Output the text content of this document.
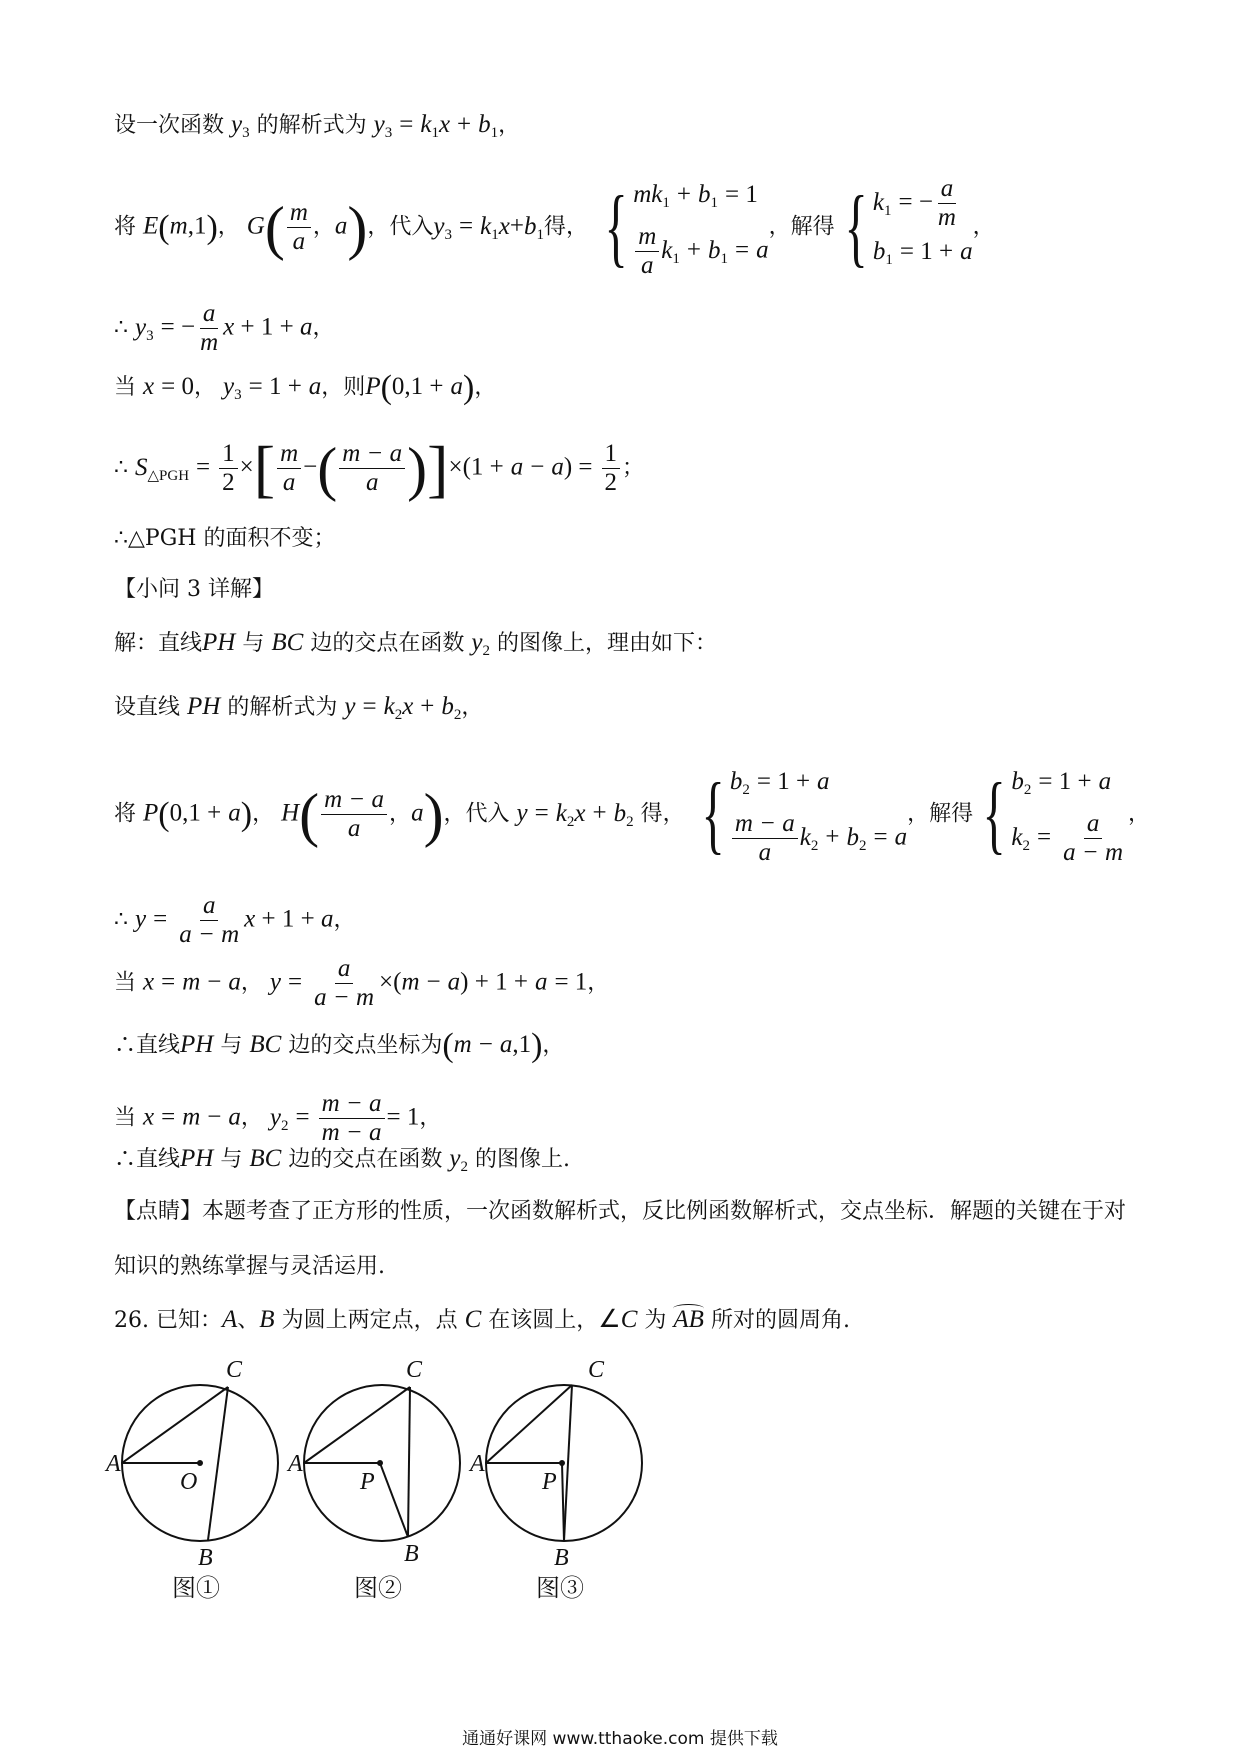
设一次函数 $y_3$ 的解析式为 $y_3 = k_1x + b_1$，
将 E(m,1)， $G( \frac{m}{a}$ ，a)，代入$y_3 = k_1x+b_1$得， { $mk_1 + b_1 = 1$
$\frac{m}{a} k_1 + b_1 = a$
，解得 { $k_1$ = − $\frac{a}{m}$
$b_1 = 1 + a$
，
∴ $y_3$ = − $\frac{a}{m}$ x + 1 + a，
当 x = 0， $y_3 = 1 + a$，则P(0,1 + a)，
∴ $S_{\triangle PGH} = \frac{1}{2}$ ×[ $\frac{m}{a}$ −( $\frac{m - a}{a} )]\times(1 + a - a) = \frac{1}{2}$ ；
∴△PGH 的面积不变；
【小问 3 详解】
解：直线PH 与 BC 边的交点在函数 $y_2$ 的图像上，理由如下：
设直线 PH 的解析式为 $y = k_2x + b_2$，
将 P(0,1 + a)， $H( \frac{m - a}{a}$ ，a)，代入 $y = k_2x + b_2$ 得， { $b_2 = 1 + a$
$\frac{m - a}{a} k_2 + b_2 = a$
，解得 { $b_2 = 1 + a$
$k_2 = \frac{a}{a - m}$ ，
∴ $y = \frac{a}{a - m}$ x + 1 + a，
当 x = m − a， $y = \frac{a}{a - m} \times(m - a) + 1 + a = 1$，
∴直线PH 与 BC 边的交点坐标为(m − a,1)，
当 x = m − a， $y_2 = \frac{m - a}{m - a} = 1$，
∴直线PH 与 BC 边的交点在函数 $y_2$ 的图像上.
【点睛】本题考查了正方形的性质，一次函数解析式，反比例函数解析式，交点坐标．解题的关键在于对
知识的熟练掌握与灵活运用.
26. 已知：A、B 为圆上两定点，点 C 在该圆上，∠C 为 AB 所对的圆周角.
A
C
B
O
A
C
B
P
A
C
B
P
图①	图②	图③
通通好课网 www.tthaoke.com 提供下载
